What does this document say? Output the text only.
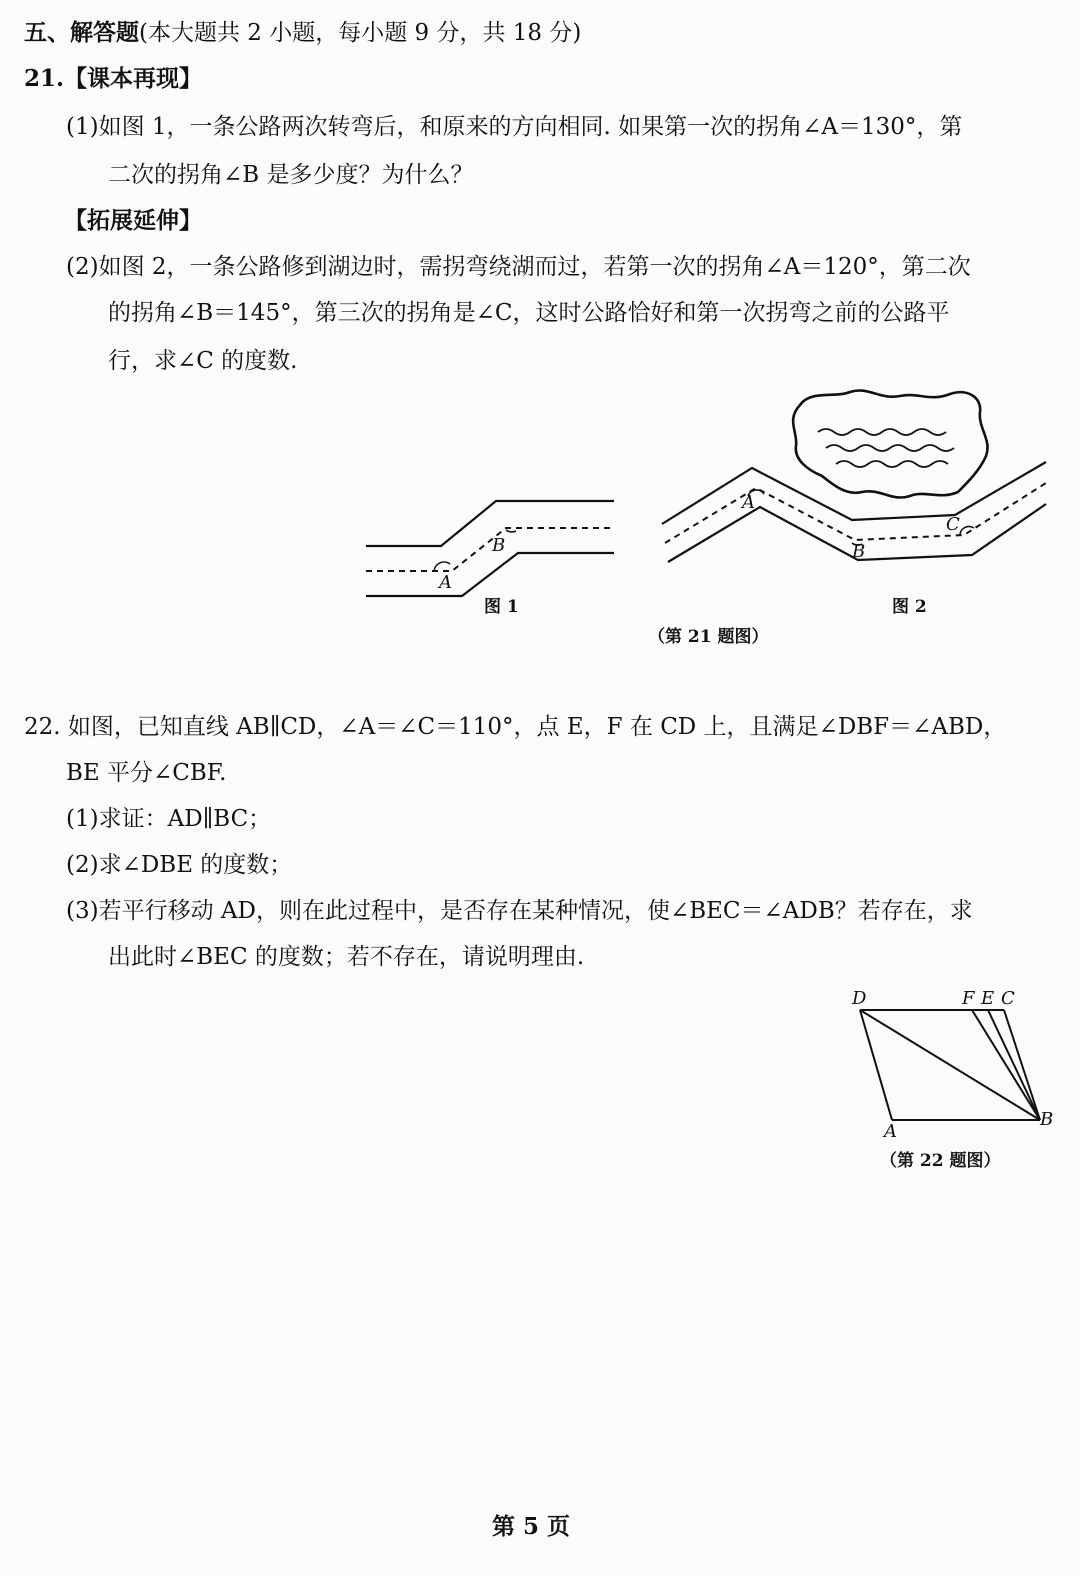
五、解答题(本大题共 2 小题，每小题 9 分，共 18 分)
21.【课本再现】
(1)如图 1，一条公路两次转弯后，和原来的方向相同. 如果第一次的拐角∠A＝130°，第
二次的拐角∠B 是多少度？为什么？
【拓展延伸】
(2)如图 2，一条公路修到湖边时，需拐弯绕湖而过，若第一次的拐角∠A＝120°，第二次
的拐角∠B＝145°，第三次的拐角是∠C，这时公路恰好和第一次拐弯之前的公路平
行，求∠C 的度数.
A
B
A
B
C
D	F E C
A
B
图 1	图 2
（第 21 题图）
22. 如图，已知直线 AB∥CD，∠A＝∠C＝110°，点 E，F 在 CD 上，且满足∠DBF＝∠ABD，
BE 平分∠CBF.
(1)求证：AD∥BC；
(2)求∠DBE 的度数；
(3)若平行移动 AD，则在此过程中，是否存在某种情况，使∠BEC＝∠ADB？若存在，求
出此时∠BEC 的度数；若不存在，请说明理由.
（第 22 题图）
第 5 页
